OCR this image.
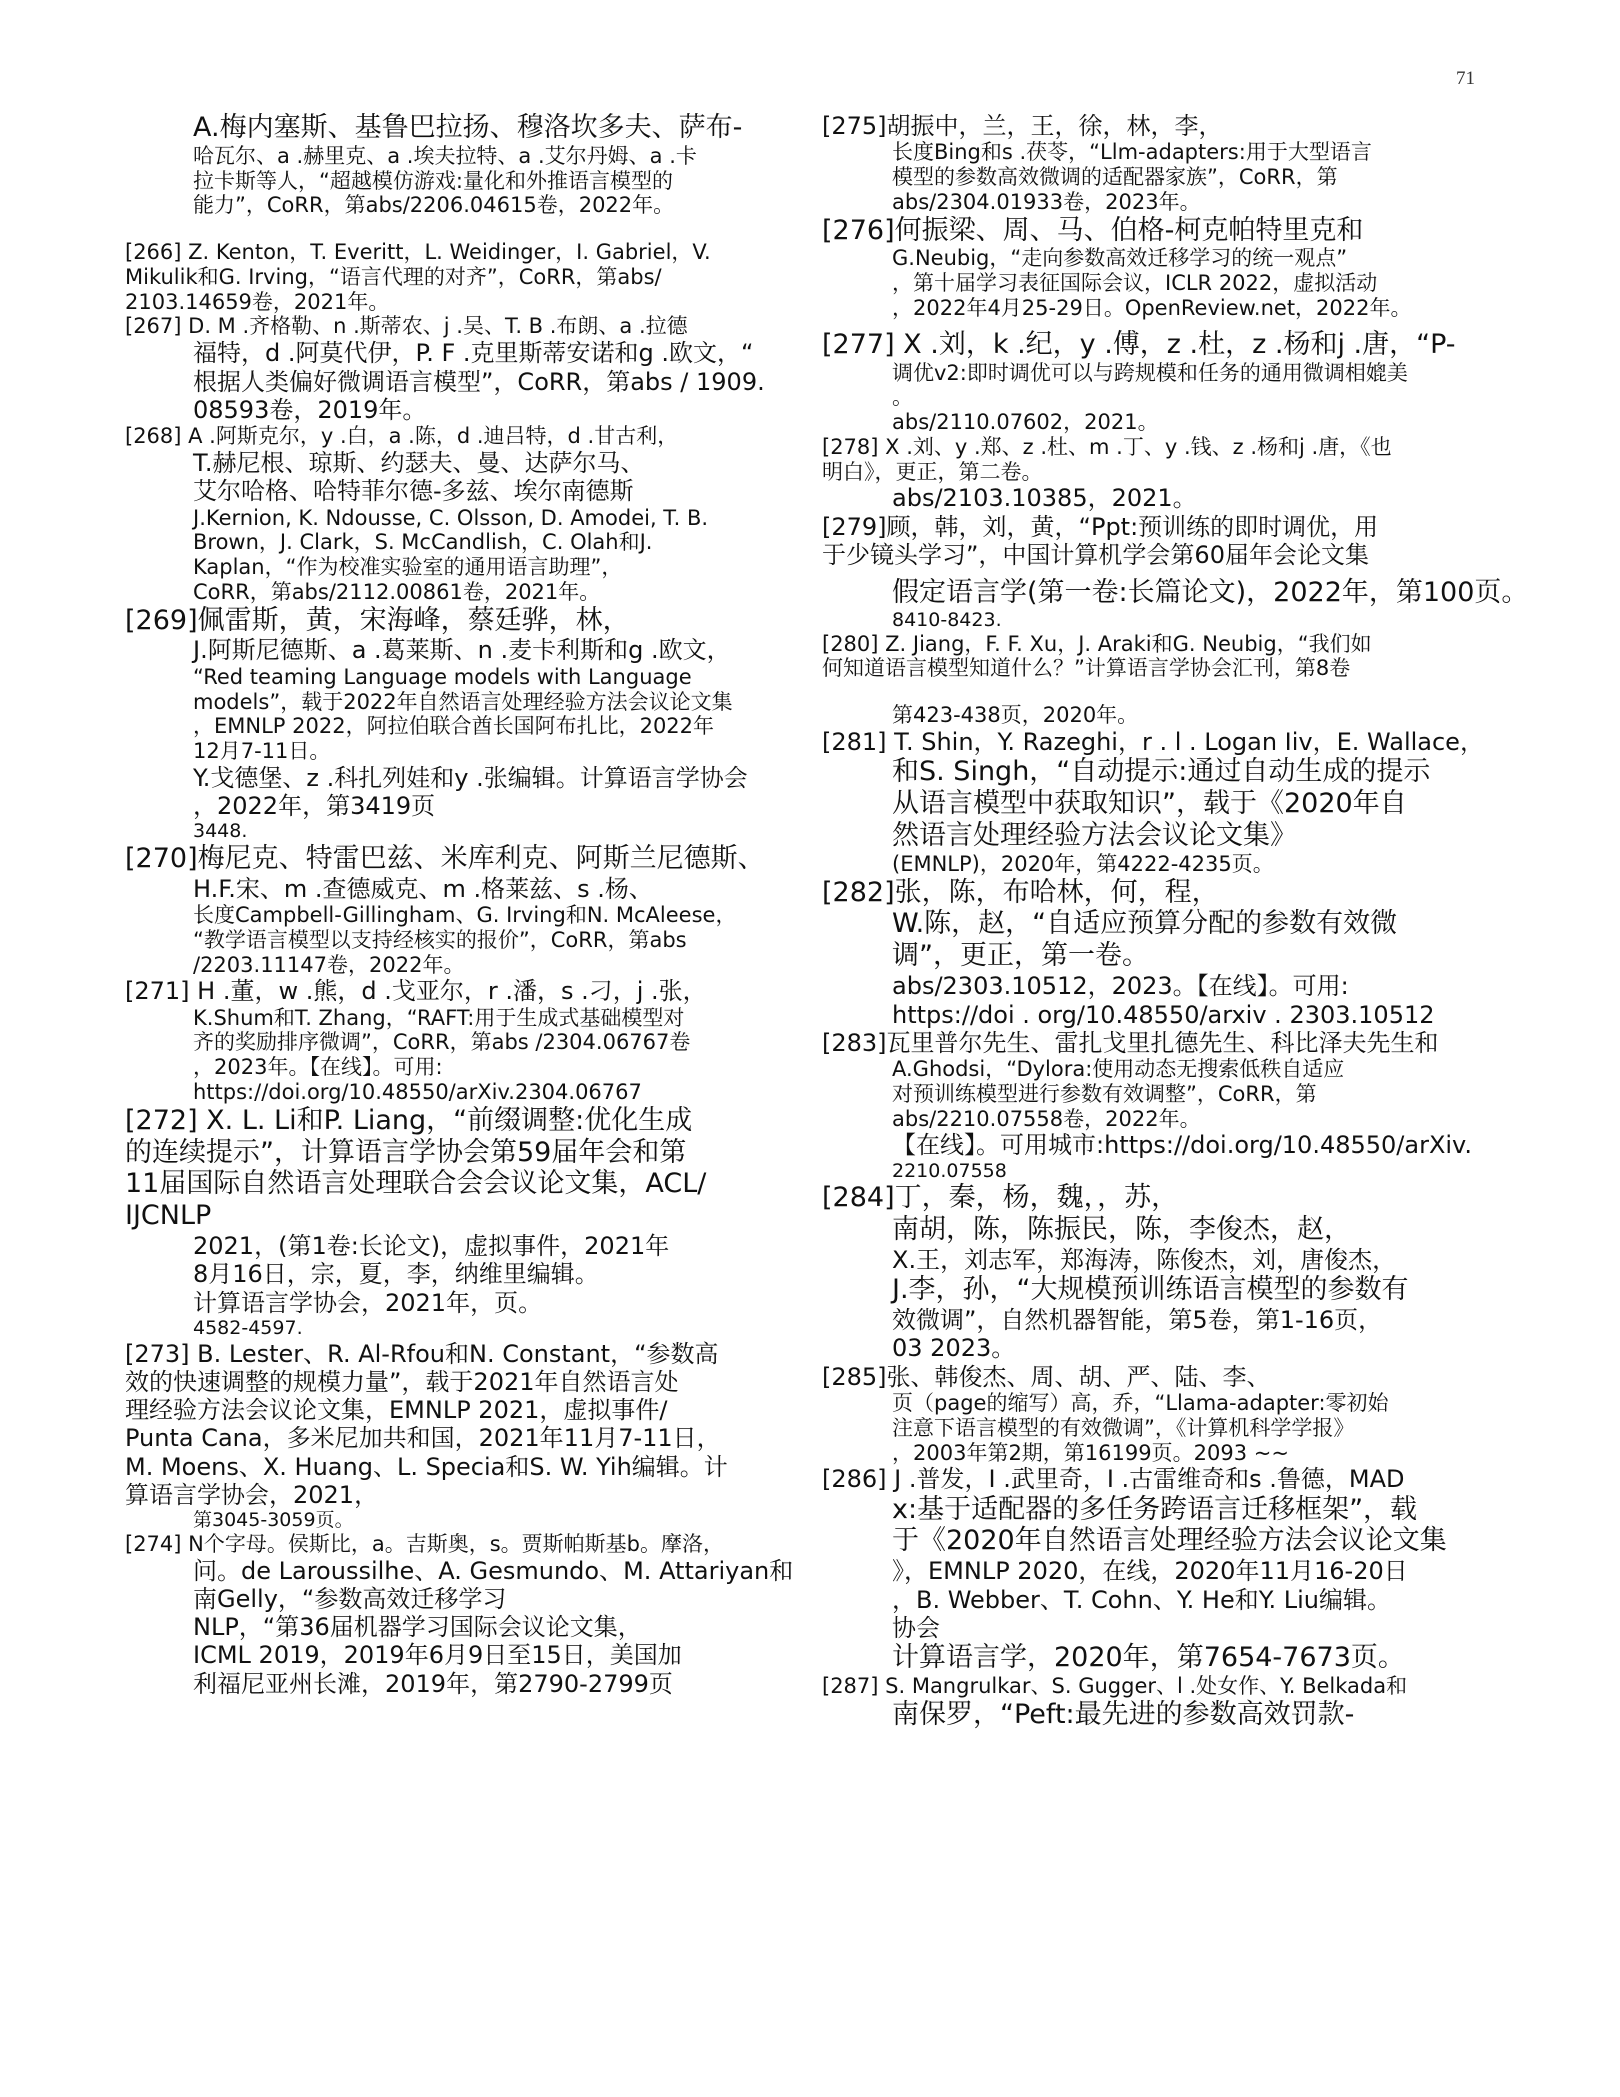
71
A.梅内塞斯、基鲁巴拉扬、穆洛坎多夫、萨布-
哈瓦尔、a .赫里克、a .埃夫拉特、a .艾尔丹姆、a .卡
拉卡斯等人，“超越模仿游戏:量化和外推语言模型的
能力”，CoRR，第abs/2206.04615卷，2022年。
[266] Z. Kenton，T. Everitt，L. Weidinger，I. Gabriel，V.
Mikulik和G. Irving，“语言代理的对齐”，CoRR，第abs/
2103.14659卷，2021年。
[267] D. M .齐格勒、n .斯蒂农、j .吴、T. B .布朗、a .拉德
福特，d .阿莫代伊，P. F .克里斯蒂安诺和g .欧文，“
根据人类偏好微调语言模型”，CoRR，第abs / 1909.
08593卷，2019年。
[268] A .阿斯克尔，y .白，a .陈，d .迪吕特，d .甘古利，
T.赫尼根、琼斯、约瑟夫、曼、达萨尔马、
艾尔哈格、哈特菲尔德-多兹、埃尔南德斯
J.Kernion, K. Ndousse, C. Olsson, D. Amodei, T. B.
Brown，J. Clark，S. McCandlish，C. Olah和J.
Kaplan，“作为校准实验室的通用语言助理”，
CoRR，第abs/2112.00861卷，2021年。
[269]佩雷斯，黄，宋海峰，蔡廷骅，林，
J.阿斯尼德斯、a .葛莱斯、n .麦卡利斯和g .欧文，
“Red teaming Language models with Language
models”，载于2022年自然语言处理经验方法会议论文集
，EMNLP 2022，阿拉伯联合酋长国阿布扎比，2022年
12月7-11日。
Y.戈德堡、z .科扎列娃和y .张编辑。计算语言学协会
，2022年，第3419页
3448.
[270]梅尼克、特雷巴兹、米库利克、阿斯兰尼德斯、
H.F.宋、m .查德威克、m .格莱兹、s .杨、
长度Campbell-Gillingham、G. Irving和N. McAleese，
“教学语言模型以支持经核实的报价”，CoRR，第abs
/2203.11147卷，2022年。
[271] H .董，w .熊，d .戈亚尔，r .潘，s .刁，j .张，
K.Shum和T. Zhang，“RAFT:用于生成式基础模型对
齐的奖励排序微调”，CoRR，第abs /2304.06767卷
，2023年。【在线】。可用:
https://doi.org/10.48550/arXiv.2304.06767
[272] X. L. Li和P. Liang，“前缀调整:优化生成
的连续提示”，计算语言学协会第59届年会和第
11届国际自然语言处理联合会会议论文集，ACL/
IJCNLP
2021，(第1卷:长论文)，虚拟事件，2021年
8月16日，宗，夏，李，纳维里编辑。
计算语言学协会，2021年，页。
4582-4597.
[273] B. Lester、R. Al-Rfou和N. Constant，“参数高
效的快速调整的规模力量”，载于2021年自然语言处
理经验方法会议论文集，EMNLP 2021，虚拟事件/
Punta Cana，多米尼加共和国，2021年11月7-11日，
M. Moens、X. Huang、L. Specia和S. W. Yih编辑。计
算语言学协会，2021，
第3045-3059页。
[274] N个字母。侯斯比，a。吉斯奥，s。贾斯帕斯基b。摩洛，
问。de Laroussilhe、A. Gesmundo、M. Attariyan和
南Gelly，“参数高效迁移学习
NLP，“第36届机器学习国际会议论文集，
ICML 2019，2019年6月9日至15日，美国加
利福尼亚州长滩，2019年，第2790-2799页
[275]胡振中，兰，王，徐，林，李，
长度Bing和s .茯苓，“Llm-adapters:用于大型语言
模型的参数高效微调的适配器家族”，CoRR，第
abs/2304.01933卷，2023年。
[276]何振梁、周、马、伯格-柯克帕特里克和
G.Neubig，“走向参数高效迁移学习的统一观点”
，第十届学习表征国际会议，ICLR 2022，虚拟活动
，2022年4月25-29日。OpenReview.net，2022年。
[277] X .刘，k .纪，y .傅，z .杜，z .杨和j .唐，“P-
调优v2:即时调优可以与跨规模和任务的通用微调相媲美
。
abs/2110.07602，2021。
[278] X .刘、y .郑、z .杜、m .丁、y .钱、z .杨和j .唐，《也
明白》，更正，第二卷。
abs/2103.10385，2021。
[279]顾，韩，刘，黄，“Ppt:预训练的即时调优，用
于少镜头学习”，中国计算机学会第60届年会论文集
假定语言学(第一卷:长篇论文)，2022年，第100页。
8410-8423.
[280] Z. Jiang，F. F. Xu，J. Araki和G. Neubig，“我们如
何知道语言模型知道什么？”计算语言学协会汇刊，第8卷
第423-438页，2020年。
[281] T. Shin，Y. Razeghi，r . l . Logan Iiv，E. Wallace，
和S. Singh，“自动提示:通过自动生成的提示
从语言模型中获取知识”，载于《2020年自
然语言处理经验方法会议论文集》
(EMNLP)，2020年，第4222-4235页。
[282]张，陈，布哈林，何，程，
W.陈，赵，“自适应预算分配的参数有效微
调”，更正，第一卷。
abs/2303.10512，2023。【在线】。可用:
https://doi . org/10.48550/arxiv . 2303.10512
[283]瓦里普尔先生、雷扎戈里扎德先生、科比泽夫先生和
A.Ghodsi，“Dylora:使用动态无搜索低秩自适应
对预训练模型进行参数有效调整”，CoRR，第
abs/2210.07558卷，2022年。
【在线】。可用城市:https://doi.org/10.48550/arXiv.
2210.07558
[284]丁，秦，杨，魏，，苏，
南胡，陈，陈振民，陈，李俊杰，赵，
X.王，刘志军，郑海涛，陈俊杰，刘，唐俊杰，
J.李，孙，“大规模预训练语言模型的参数有
效微调”，自然机器智能，第5卷，第1-16页，
03 2023。
[285]张、韩俊杰、周、胡、严、陆、李、
页（page的缩写）高，乔，“Llama-adapter:零初始
注意下语言模型的有效微调”，《计算机科学学报》
，2003年第2期，第16199页。2093 ~~
[286] J .普发，I .武里奇，I .古雷维奇和s .鲁德，MAD
x:基于适配器的多任务跨语言迁移框架”，载
于《2020年自然语言处理经验方法会议论文集
》，EMNLP 2020，在线，2020年11月16-20日
，B. Webber、T. Cohn、Y. He和Y. Liu编辑。
协会
计算语言学，2020年，第7654-7673页。
[287] S. Mangrulkar、S. Gugger、l .处女作、Y. Belkada和
南保罗，“Peft:最先进的参数高效罚款-
